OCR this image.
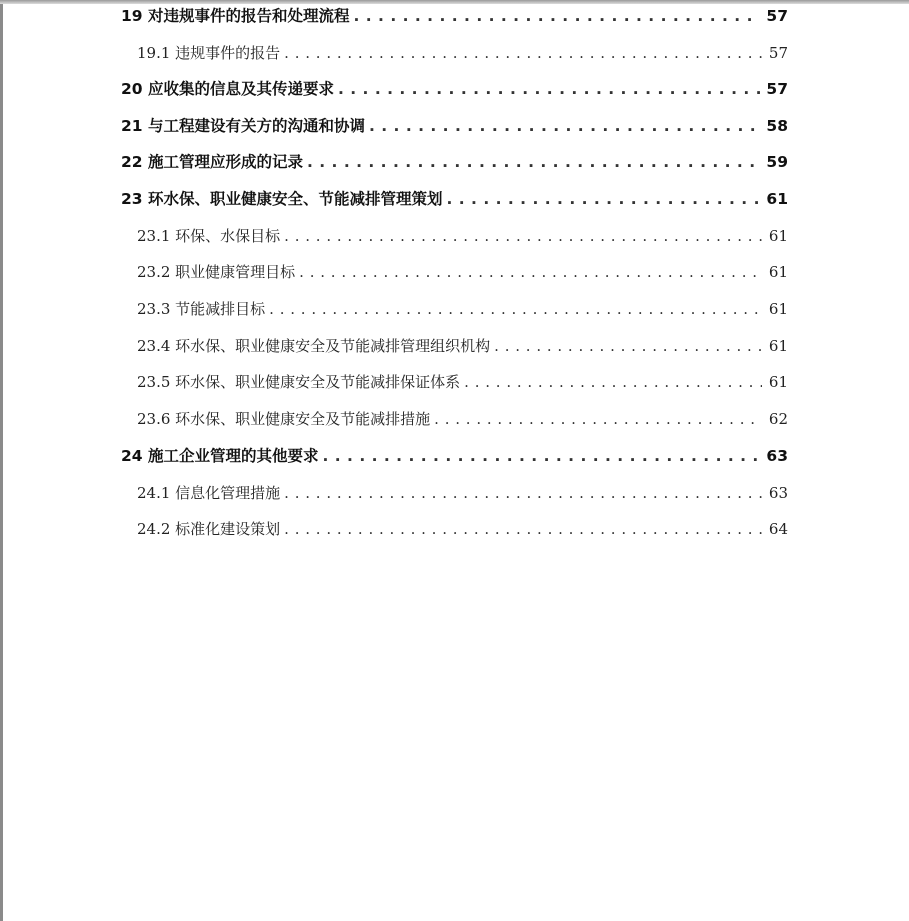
19 对违规事件的报告和处理流程 . . .	57
19.1 违规事件的报告 . . .	57
20 应收集的信息及其传递要求 . . .	57
21 与工程建设有关方的沟通和协调 . . .	58
22 施工管理应形成的记录 . . .	59
23 环水保、职业健康安全、节能减排管理策划 . . .	61
23.1 环保、水保目标 . . .	61
23.2 职业健康管理目标 . . .	61
23.3 节能减排目标 . . .	61
23.4 环水保、职业健康安全及节能减排管理组织机构 . . .	61
23.5 环水保、职业健康安全及节能减排保证体系 . . .	61
23.6 环水保、职业健康安全及节能减排措施 . . .	62
24 施工企业管理的其他要求 . . .	63
24.1 信息化管理措施 . . .	63
24.2 标准化建设策划 . . .	64
